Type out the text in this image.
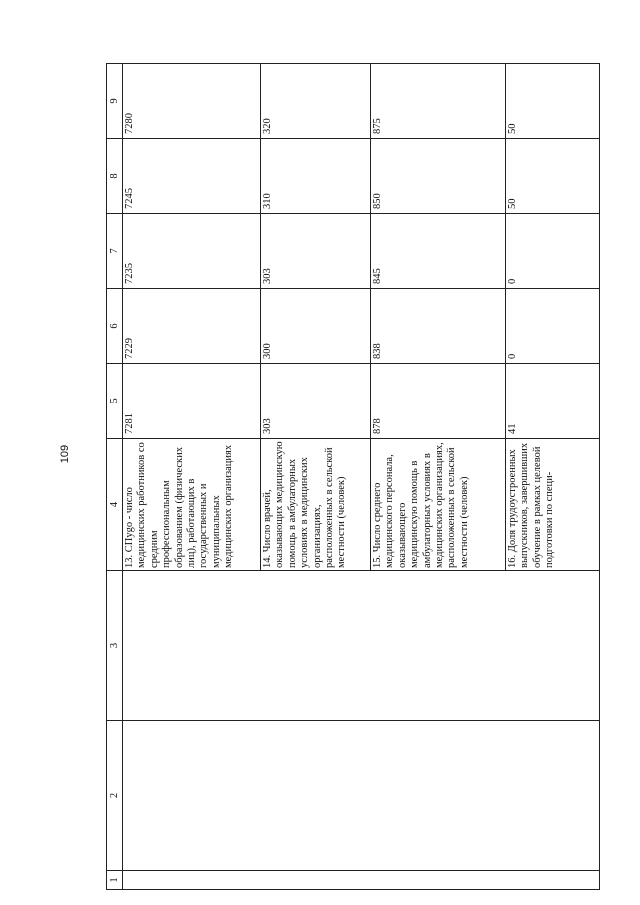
109
1	2	3	4	5	6	7	8	9
			13. СПуgo - число медицинских работников со средним профессиональным образованием (физических лиц), работающих в государственных и муниципальных медицинских организациях	7281	7229	7235	7245	7280
			14. Число врачей, оказывающих медицинскую помощь в амбулаторных условиях в медицинских организациях, расположенных в сельской местности (человек)	303	300	303	310	320
			15. Число среднего медицинского персонала, оказывающего медицинскую помощь в амбулаторных условиях в медицинских организациях, расположенных в сельской местности (человек)	878	838	845	850	875
			16. Доля трудоустроенных выпускников, завершивших обучение в рамках целевой подготовки по специ-	41	0	0	50	50
